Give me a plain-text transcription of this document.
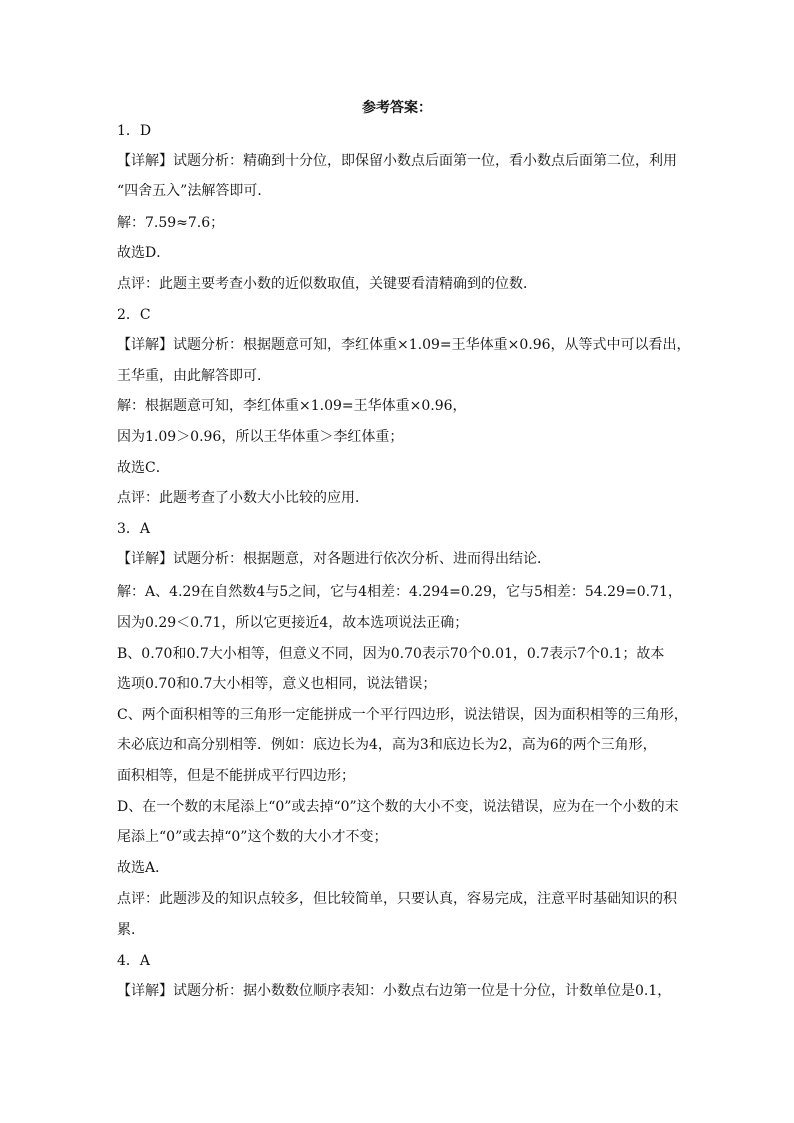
参考答案：
1．D
【详解】试题分析：精确到十分位，即保留小数点后面第一位，看小数点后面第二位，利用
“四舍五入”法解答即可．
解：7.59≈7.6；
故选D．
点评：此题主要考查小数的近似数取值，关键要看清精确到的位数．
2．C
【详解】试题分析：根据题意可知，李红体重×1.09=王华体重×0.96，从等式中可以看出，
王华重，由此解答即可．
解：根据题意可知，李红体重×1.09=王华体重×0.96，
因为1.09＞0.96，所以王华体重＞李红体重；
故选C．
点评：此题考查了小数大小比较的应用．
3．A
【详解】试题分析：根据题意，对各题进行依次分析、进而得出结论．
解：A、4.29在自然数4与5之间，它与4相差：4.294=0.29，它与5相差：54.29=0.71，
因为0.29＜0.71，所以它更接近4，故本选项说法正确；
B、0.70和0.7大小相等，但意义不同，因为0.70表示70个0.01，0.7表示7个0.1；故本
选项0.70和0.7大小相等，意义也相同，说法错误；
C、两个面积相等的三角形一定能拼成一个平行四边形，说法错误，因为面积相等的三角形，
未必底边和高分别相等．例如：底边长为4，高为3和底边长为2，高为6的两个三角形，
面积相等，但是不能拼成平行四边形；
D、在一个数的末尾添上“0”或去掉“0”这个数的大小不变，说法错误，应为在一个小数的末
尾添上“0”或去掉“0”这个数的大小才不变；
故选A．
点评：此题涉及的知识点较多，但比较简单，只要认真，容易完成，注意平时基础知识的积
累．
4．A
【详解】试题分析：据小数数位顺序表知：小数点右边第一位是十分位，计数单位是0.1，
